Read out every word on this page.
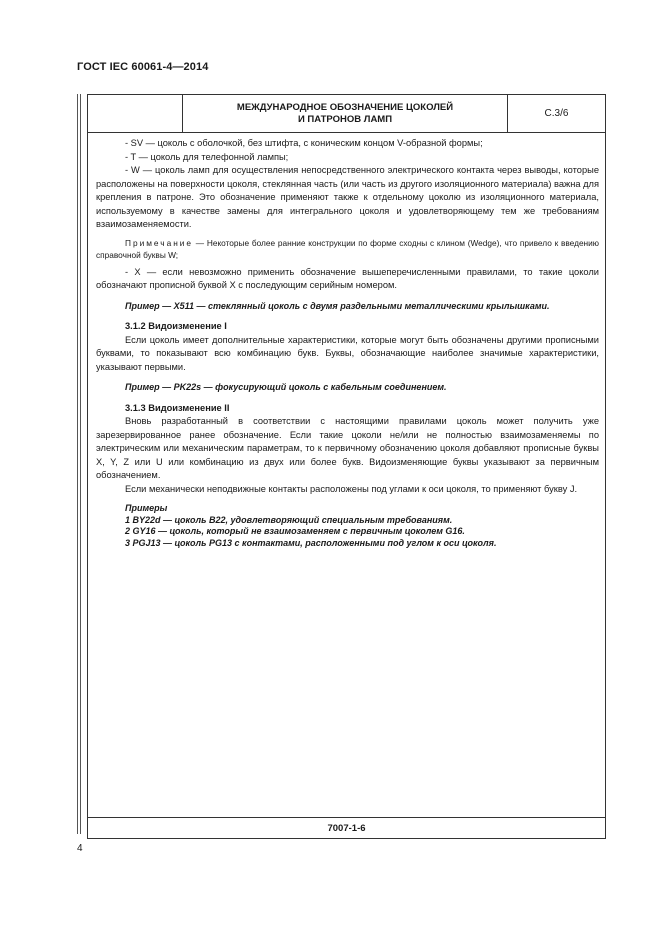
ГОСТ IEC 60061-4—2014
МЕЖДУНАРОДНОЕ ОБОЗНАЧЕНИЕ ЦОКОЛЕЙ
И ПАТРОНОВ ЛАМП	С.3/6

- SV — цоколь с оболочкой, без штифта, с коническим концом V-образной формы;

- T — цоколь для телефонной лампы;

- W — цоколь ламп для осуществления непосредственного электрического контакта через выводы, которые расположены на поверхности цоколя, стеклянная часть (или часть из другого изоляционного материала) важна для крепления в патроне. Это обозначение применяют также к отдельному цоколю из изоляционного материала, используемому в качестве замены для интегрального цоколя и удовлетворяющему тем же требованиям взаимозаменяемости.

Примечание — Некоторые более ранние конструкции по форме сходны с клином (Wedge), что привело к введению справочной буквы W;

- X — если невозможно применить обозначение вышеперечисленными правилами, то такие цоколи обозначают прописной буквой X с последующим серийным номером.

Пример — X511 — стеклянный цоколь с двумя раздельными металлическими крылышками.

3.1.2 Видоизменение I

Если цоколь имеет дополнительные характеристики, которые могут быть обозначены другими прописными буквами, то показывают всю комбинацию букв. Буквы, обозначающие наиболее значимые характеристики, указывают первыми.

Пример — PK22s — фокусирующий цоколь с кабельным соединением.

3.1.3 Видоизменение II

Вновь разработанный в соответствии с настоящими правилами цоколь может получить уже зарезервированное ранее обозначение. Если такие цоколи не/или не полностью взаимозаменяемы по электрическим или механическим параметрам, то к первичному обозначению цоколя добавляют прописные буквы X, Y, Z или U или комбинацию из двух или более букв. Видоизменяющие буквы указывают за первичным обозначением.

Если механически неподвижные контакты расположены под углами к оси цоколя, то применяют букву J.

Примеры
1 BY22d — цоколь B22, удовлетворяющий специальным требованиям.
2 GY16 — цоколь, который не взаимозаменяем с первичным цоколем G16.
3 PGJ13 — цоколь PG13 с контактами, расположенными под углом к оси цоколя.
7007-1-6
4
